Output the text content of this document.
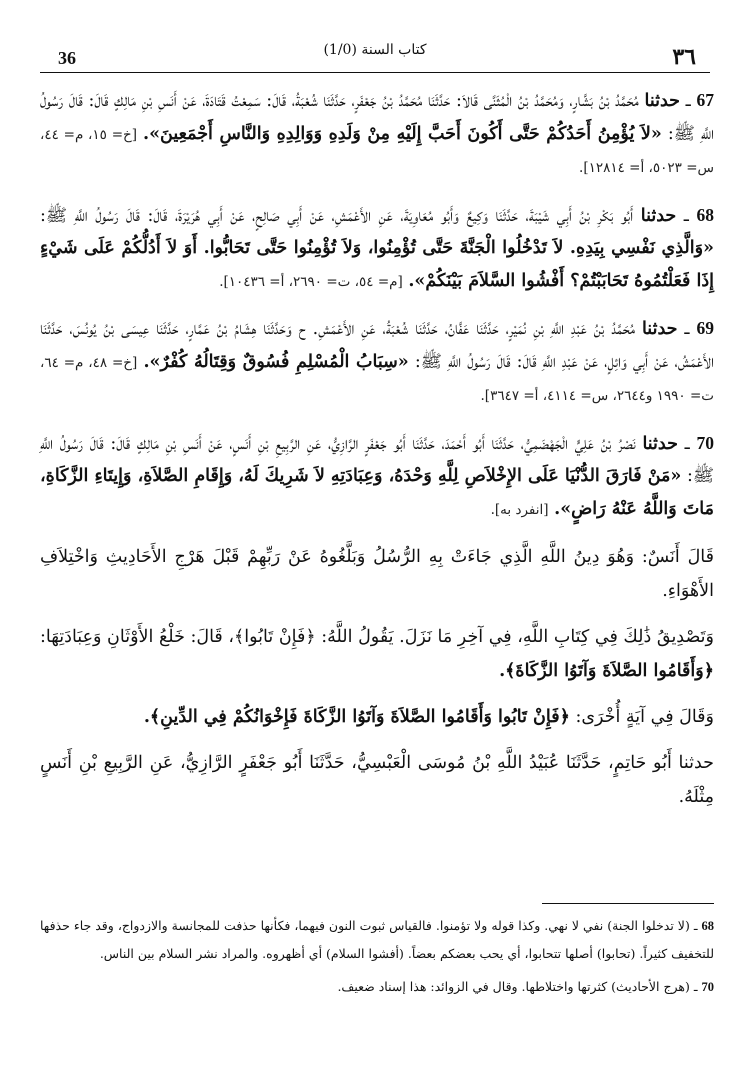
36	(1/0) كتاب السنة	٣٦

67 ـ حدثنا مُحَمَّدُ بْنُ بَشَّارٍ، وَمُحَمَّدُ بْنُ الْمُثَنَّى قَالاَ: حَدَّثَنَا مُحَمَّدُ بْنُ جَعْفَرٍ، حَدَّثَنَا شُعْبَةُ، قَالَ: سَمِعْتُ قَتَادَةَ، عَنْ أَنَسِ بْنِ مَالِكٍ قَالَ: قَالَ رَسُولُ اللَّهِ ﷺ: «لاَ يُؤْمِنُ أَحَدُكُمْ حَتَّى أَكُونَ أَحَبَّ إِلَيْهِ مِنْ وَلَدِهِ وَوَالِدِهِ وَالنَّاسِ أَجْمَعِينَ». [خ= ١٥، م= ٤٤، س= ٥٠٢٣، أ= ١٢٨١٤].

68 ـ حدثنا أَبُو بَكْرِ بْنُ أَبِي شَيْبَةَ، حَدَّثَنَا وَكِيعٌ وَأَبُو مُعَاوِيَةَ، عَنِ الأَعْمَشِ، عَنْ أَبِي صَالِحٍ، عَنْ أَبِي هُرَيْرَةَ، قَالَ: قَالَ رَسُولُ اللَّهِ ﷺ: «وَالَّذِي نَفْسِي بِيَدِهِ. لاَ تَدْخُلُوا الْجَنَّةَ حَتَّى تُؤْمِنُوا، وَلاَ تُؤْمِنُوا حَتَّى تَحَابُّوا. أَوَ لاَ أَدُلُّكُمْ عَلَى شَيْءٍ إِذَا فَعَلْتُمُوهُ تَحَابَبْتُمْ؟ أَفْشُوا السَّلاَمَ بَيْنَكُمْ». [م= ٥٤، ت= ٢٦٩٠، أ= ١٠٤٣٦].

69 ـ حدثنا مُحَمَّدُ بْنُ عَبْدِ اللَّهِ بْنِ نُمَيْرٍ، حَدَّثَنَا عَفَّانُ، حَدَّثَنَا شُعْبَةُ، عَنِ الأَعْمَشِ. ح وَحَدَّثَنَا هِشَامُ بْنُ عَمَّارٍ، حَدَّثَنَا عِيسَى بْنُ يُونُسَ، حَدَّثَنَا الأَعْمَشُ، عَنْ أَبِي وَائِلٍ، عَنْ عَبْدِ اللَّهِ قَالَ: قَالَ رَسُولُ اللَّهِ ﷺ: «سِبَابُ الْمُسْلِمِ فُسُوقٌ وَقِتَالُهُ كُفْرٌ». [خ= ٤٨، م= ٦٤، ت= ١٩٩٠ و٢٦٤٤، س= ٤١١٤، أ= ٣٦٤٧].

70 ـ حدثنا نَصْرُ بْنُ عَلِيٍّ الْجَهْضَمِيُّ، حَدَّثَنَا أَبُو أَحْمَدَ، حَدَّثَنَا أَبُو جَعْفَرٍ الرَّازِيُّ، عَنِ الرَّبِيعِ بْنِ أَنَسٍ، عَنْ أَنَسِ بْنِ مَالِكٍ قَالَ: قَالَ رَسُولُ اللَّهِ ﷺ: «مَنْ فَارَقَ الدُّنْيَا عَلَى الإِخْلاَصِ لِلَّهِ وَحْدَهُ، وَعِبَادَتِهِ لاَ شَرِيكَ لَهُ، وَإِقَامِ الصَّلاَةِ، وَإِيتَاءِ الزَّكَاةِ، مَاتَ وَاللَّهُ عَنْهُ رَاضٍ». [انفرد به].

قَالَ أَنَسٌ: وَهُوَ دِينُ اللَّهِ الَّذِي جَاءَتْ بِهِ الرُّسُلُ وَبَلَّغُوهُ عَنْ رَبِّهِمْ قَبْلَ هَرْجِ الأَحَادِيثِ وَاخْتِلاَفِ الأَهْوَاءِ.

وَتَصْدِيقُ ذَٰلِكَ فِي كِتَابِ اللَّهِ، فِي آخِرِ مَا نَزَلَ. يَقُولُ اللَّهُ: ﴿فَإِنْ تَابُوا﴾، قَالَ: خَلْعُ الأَوْثَانِ وَعِبَادَتِهَا: ﴿وَأَقَامُوا الصَّلاَةَ وَآتَوُا الزَّكَاةَ﴾.

وَقَالَ فِي آيَةٍ أُخْرَى: ﴿فَإِنْ تَابُوا وَأَقَامُوا الصَّلاَةَ وَآتَوُا الزَّكَاةَ فَإِخْوَانُكُمْ فِي الدِّينِ﴾.

حدثنا أَبُو حَاتِمٍ، حَدَّثَنَا عُبَيْدُ اللَّهِ بْنُ مُوسَى الْعَبْسِيُّ، حَدَّثَنَا أَبُو جَعْفَرٍ الرَّازِيُّ، عَنِ الرَّبِيعِ بْنِ أَنَسٍ مِثْلَهُ.

68 ـ (لا تدخلوا الجنة) نفي لا نهي. وكذا قوله ولا تؤمنوا. فالقياس ثبوت النون فيهما، فكأنها حذفت للمجانسة والازدواج، وقد جاء حذفها للتخفيف كثيراً. (تحابوا) أصلها تتحابوا، أي يحب بعضكم بعضاً. (أفشوا السلام) أي أظهروه. والمراد نشر السلام بين الناس.

70 ـ (هرج الأحاديث) كثرتها واختلاطها. وقال في الزوائد: هذا إسناد ضعيف.
